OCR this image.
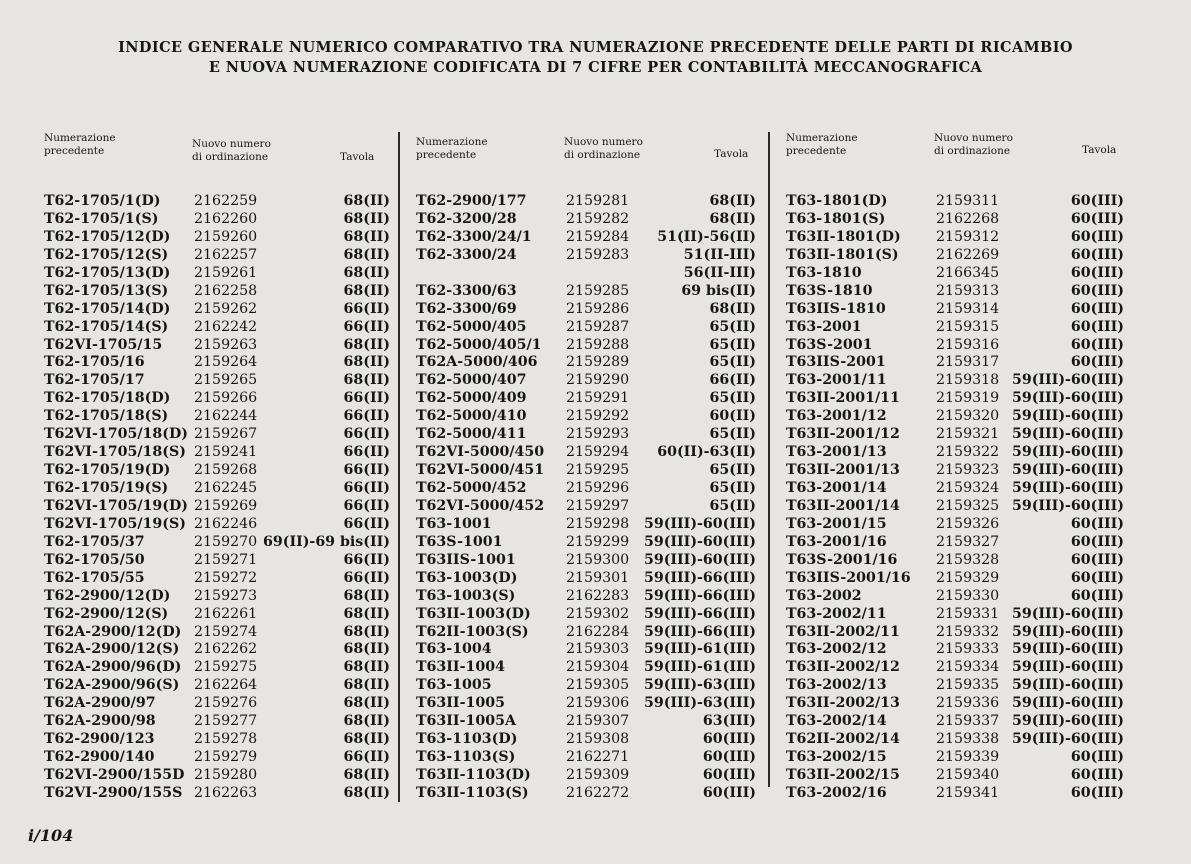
INDICE GENERALE NUMERICO COMPARATIVO TRA NUMERAZIONE PRECEDENTE DELLE PARTI DI RICAMBIO
E NUOVA NUMERAZIONE CODIFICATA DI 7 CIFRE PER CONTABILITÀ MECCANOGRAFICA
Numerazione
precedente
Nuovo numero
di ordinazione	Tavola
T62-1705/1(D) 2162259	68(II)
T62-1705/1(S)	2162260	68(II)
T62-1705/12(D) 2159260	68(II)
T62-1705/12(S) 2162257	68(II)
T62-1705/13(D) 2159261	68(II)
T62-1705/13(S) 2162258	68(II)
T62-1705/14(D) 2159262	66(II)
T62-1705/14(S) 2162242	66(II)
T62VI-1705/15 2159263	68(II)
T62-1705/16	2159264	68(II)
T62-1705/17	2159265	68(II)
T62-1705/18(D) 2159266	66(II)
T62-1705/18(S) 2162244	66(II)
T62VI-1705/18(D) 2159267	66(II)
T62VI-1705/18(S) 2159241	66(II)
T62-1705/19(D) 2159268	66(II)
T62-1705/19(S) 2162245	66(II)
T62VI-1705/19(D) 2159269	66(II)
T62VI-1705/19(S) 2162246	66(II)
T62-1705/37	2159270 69(II)-69 bis(II)
T62-1705/50	2159271	66(II)
T62-1705/55	2159272	66(II)
T62-2900/12(D) 2159273	68(II)
T62-2900/12(S) 2162261	68(II)
T62A-2900/12(D) 2159274	68(II)
T62A-2900/12(S) 2162262	68(II)
T62A-2900/96(D) 2159275	68(II)
T62A-2900/96(S) 2162264	68(II)
T62A-2900/97	2159276	68(II)
T62A-2900/98	2159277	68(II)
T62-2900/123	2159278	68(II)
T62-2900/140	2159279	66(II)
T62VI-2900/155D 2159280	68(II)
T62VI-2900/155S 2162263	68(II)
Numerazione
precedente
Nuovo numero
di ordinazione	Tavola
T62-2900/177	2159281	68(II)
T62-3200/28	2159282	68(II)
T62-3300/24/1 2159284 51(II)-56(II)
T62-3300/24	2159283	51(II-III)
56(II-III)
T62-3300/63	2159285	69 bis(II)
T62-3300/69	2159286	68(II)
T62-5000/405	2159287	65(II)
T62-5000/405/1 2159288	65(II)
T62A-5000/406 2159289	65(II)
T62-5000/407	2159290	66(II)
T62-5000/409	2159291	65(II)
T62-5000/410	2159292	60(II)
T62-5000/411	2159293	65(II)
T62VI-5000/450 2159294 60(II)-63(II)
T62VI-5000/451 2159295	65(II)
T62-5000/452	2159296	65(II)
T62VI-5000/452 2159297	65(II)
T63-1001	2159298 59(III)-60(III)
T63S-1001	2159299 59(III)-60(III)
T63IIS-1001	2159300 59(III)-60(III)
T63-1003(D)	2159301 59(III)-66(III)
T63-1003(S)	2162283 59(III)-66(III)
T63II-1003(D) 2159302 59(III)-66(III)
T62II-1003(S)	2162284 59(III)-66(III)
T63-1004	2159303 59(III)-61(III)
T63II-1004	2159304 59(III)-61(III)
T63-1005	2159305 59(III)-63(III)
T63II-1005	2159306 59(III)-63(III)
T63II-1005A	2159307	63(III)
T63-1103(D)	2159308	60(III)
T63-1103(S)	2162271	60(III)
T63II-1103(D) 2159309	60(III)
T63II-1103(S)	2162272	60(III)
Numerazione
precedente
Nuovo numero
di ordinazione	Tavola
T63-1801(D)	2159311	60(III)
T63-1801(S)	2162268	60(III)
T63II-1801(D) 2159312	60(III)
T63II-1801(S)	2162269	60(III)
T63-1810	2166345	60(III)
T63S-1810	2159313	60(III)
T63IIS-1810	2159314	60(III)
T63-2001	2159315	60(III)
T63S-2001	2159316	60(III)
T63IIS-2001	2159317	60(III)
T63-2001/11	2159318 59(III)-60(III)
T63II-2001/11	2159319 59(III)-60(III)
T63-2001/12	2159320 59(III)-60(III)
T63II-2001/12	2159321 59(III)-60(III)
T63-2001/13	2159322 59(III)-60(III)
T63II-2001/13	2159323 59(III)-60(III)
T63-2001/14	2159324 59(III)-60(III)
T63II-2001/14	2159325 59(III)-60(III)
T63-2001/15	2159326	60(III)
T63-2001/16	2159327	60(III)
T63S-2001/16	2159328	60(III)
T63IIS-2001/16 2159329	60(III)
T63-2002	2159330	60(III)
T63-2002/11	2159331 59(III)-60(III)
T63II-2002/11	2159332 59(III)-60(III)
T63-2002/12	2159333 59(III)-60(III)
T63II-2002/12	2159334 59(III)-60(III)
T63-2002/13	2159335 59(III)-60(III)
T63II-2002/13	2159336 59(III)-60(III)
T63-2002/14	2159337 59(III)-60(III)
T62II-2002/14	2159338 59(III)-60(III)
T63-2002/15	2159339	60(III)
T63II-2002/15	2159340	60(III)
T63-2002/16	2159341	60(III)
i/104
